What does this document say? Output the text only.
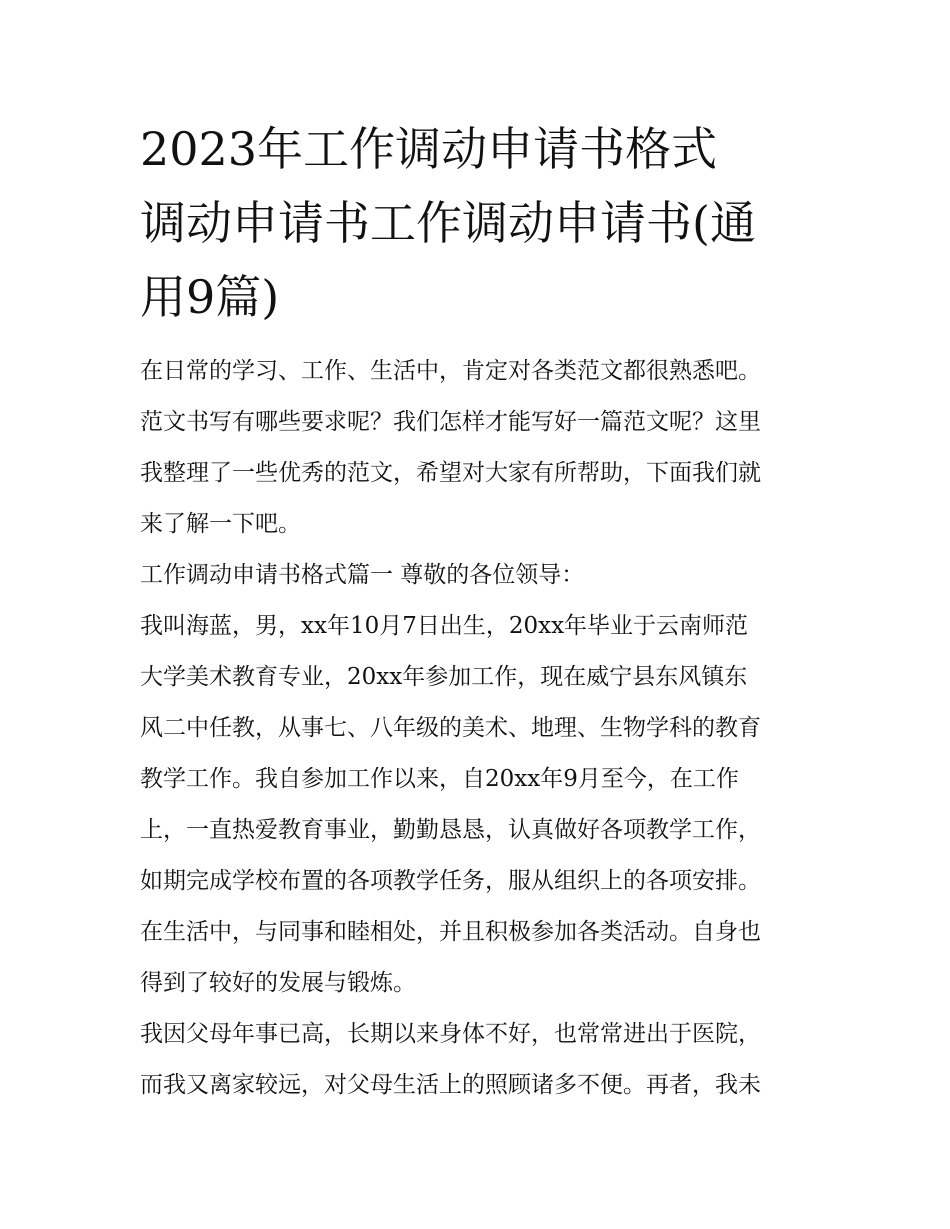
2023年工作调动申请书格式
调动申请书工作调动申请书(通
用9篇)

在日常的学习、工作、生活中，肯定对各类范文都很熟悉吧。
范文书写有哪些要求呢？我们怎样才能写好一篇范文呢？这里
我整理了一些优秀的范文，希望对大家有所帮助，下面我们就
来了解一下吧。

工作调动申请书格式篇一 尊敬的各位领导：

我叫海蓝，男，xx年10月7日出生，20xx年毕业于云南师范
大学美术教育专业，20xx年参加工作，现在威宁县东风镇东
风二中任教，从事七、八年级的美术、地理、生物学科的教育
教学工作。我自参加工作以来，自20xx年9月至今，在工作
上，一直热爱教育事业，勤勤恳恳，认真做好各项教学工作，
如期完成学校布置的各项教学任务，服从组织上的各项安排。
在生活中，与同事和睦相处，并且积极参加各类活动。自身也
得到了较好的发展与锻炼。

我因父母年事已高，长期以来身体不好，也常常进出于医院，
而我又离家较远，对父母生活上的照顾诸多不便。再者，我未
